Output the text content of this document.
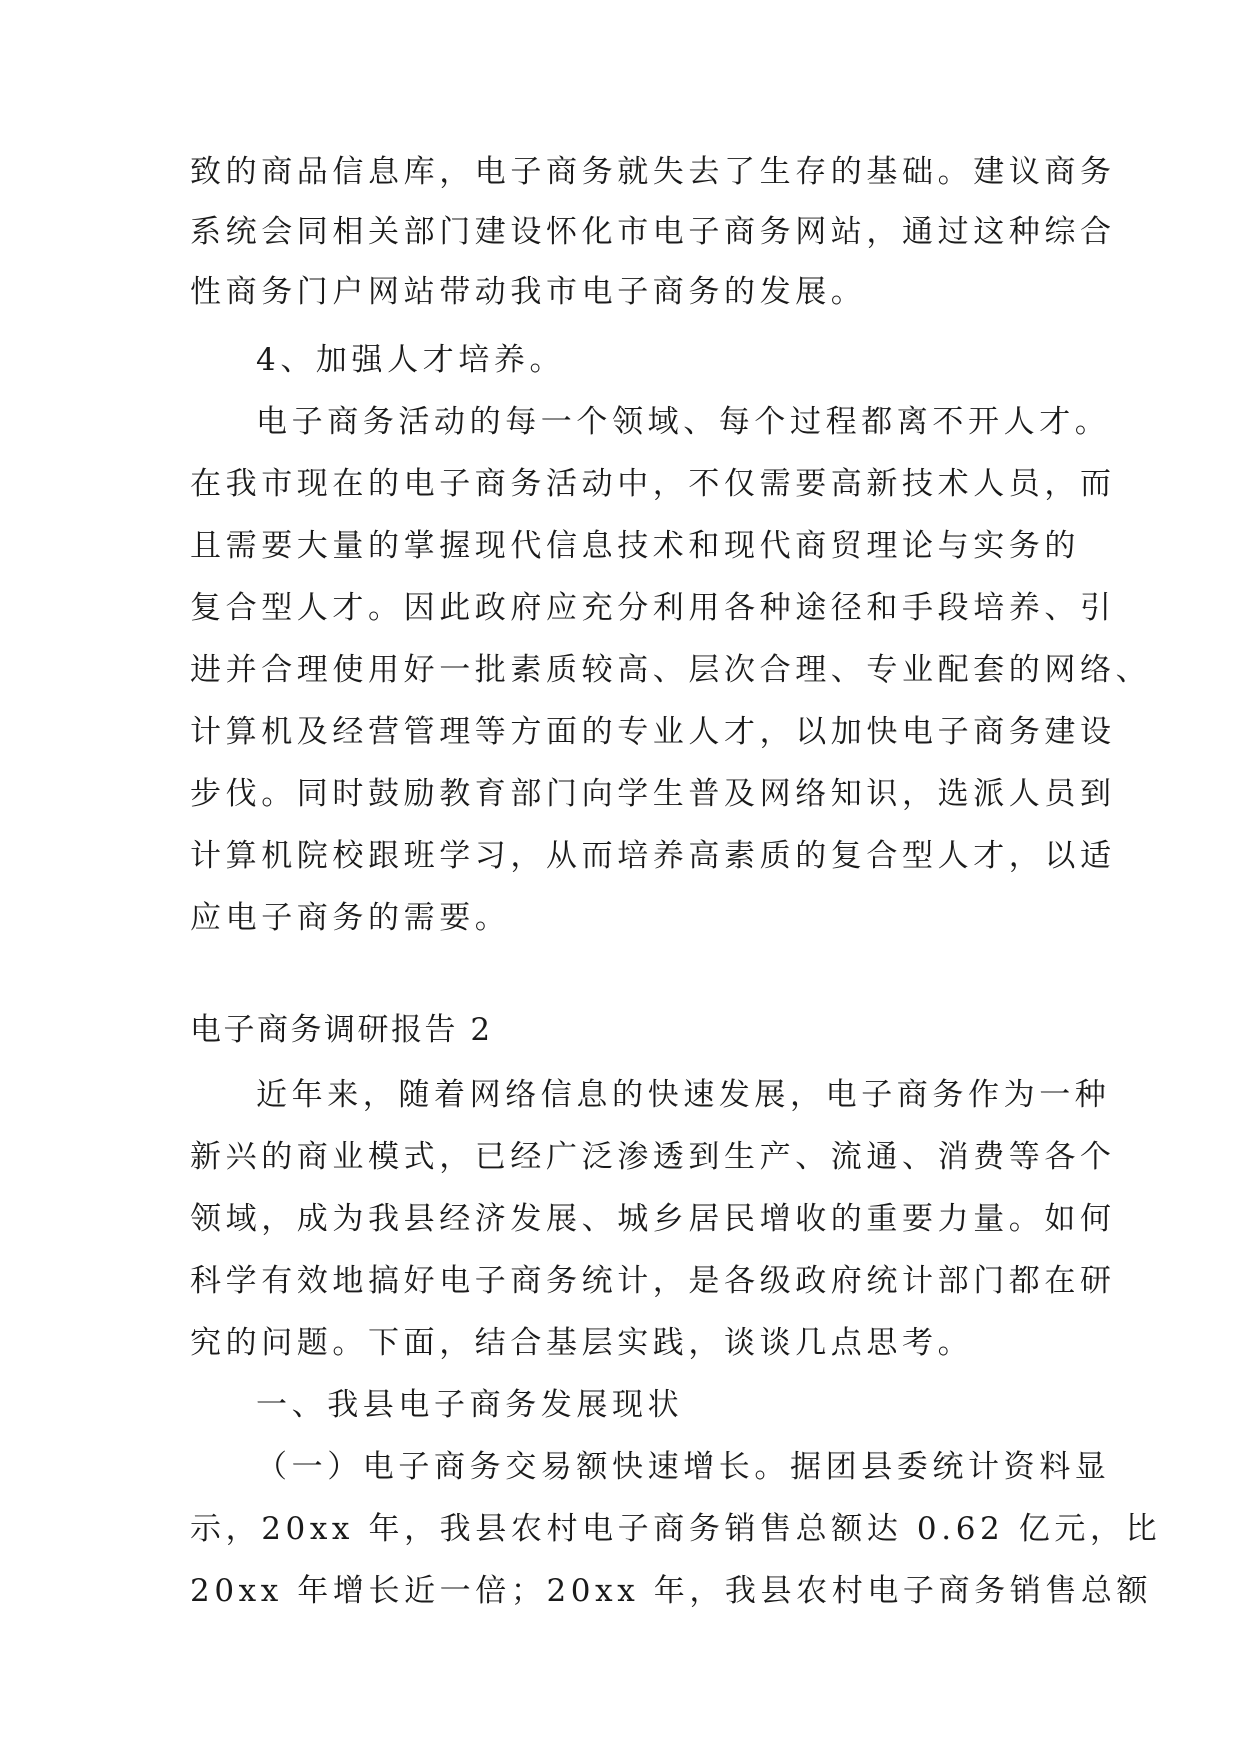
致的商品信息库，电子商务就失去了生存的基础。建议商务
系统会同相关部门建设怀化市电子商务网站，通过这种综合
性商务门户网站带动我市电子商务的发展。
4、加强人才培养。
电子商务活动的每一个领域、每个过程都离不开人才。
在我市现在的电子商务活动中，不仅需要高新技术人员，而
且需要大量的掌握现代信息技术和现代商贸理论与实务的
复合型人才。因此政府应充分利用各种途径和手段培养、引
进并合理使用好一批素质较高、层次合理、专业配套的网络、
计算机及经营管理等方面的专业人才，以加快电子商务建设
步伐。同时鼓励教育部门向学生普及网络知识，选派人员到
计算机院校跟班学习，从而培养高素质的复合型人才，以适
应电子商务的需要。
电子商务调研报告 2
近年来，随着网络信息的快速发展，电子商务作为一种
新兴的商业模式，已经广泛渗透到生产、流通、消费等各个
领域，成为我县经济发展、城乡居民增收的重要力量。如何
科学有效地搞好电子商务统计，是各级政府统计部门都在研
究的问题。下面，结合基层实践，谈谈几点思考。
一、我县电子商务发展现状
（一）电子商务交易额快速增长。据团县委统计资料显
示，20xx 年，我县农村电子商务销售总额达 0.62 亿元，比
20xx 年增长近一倍；20xx 年，我县农村电子商务销售总额
